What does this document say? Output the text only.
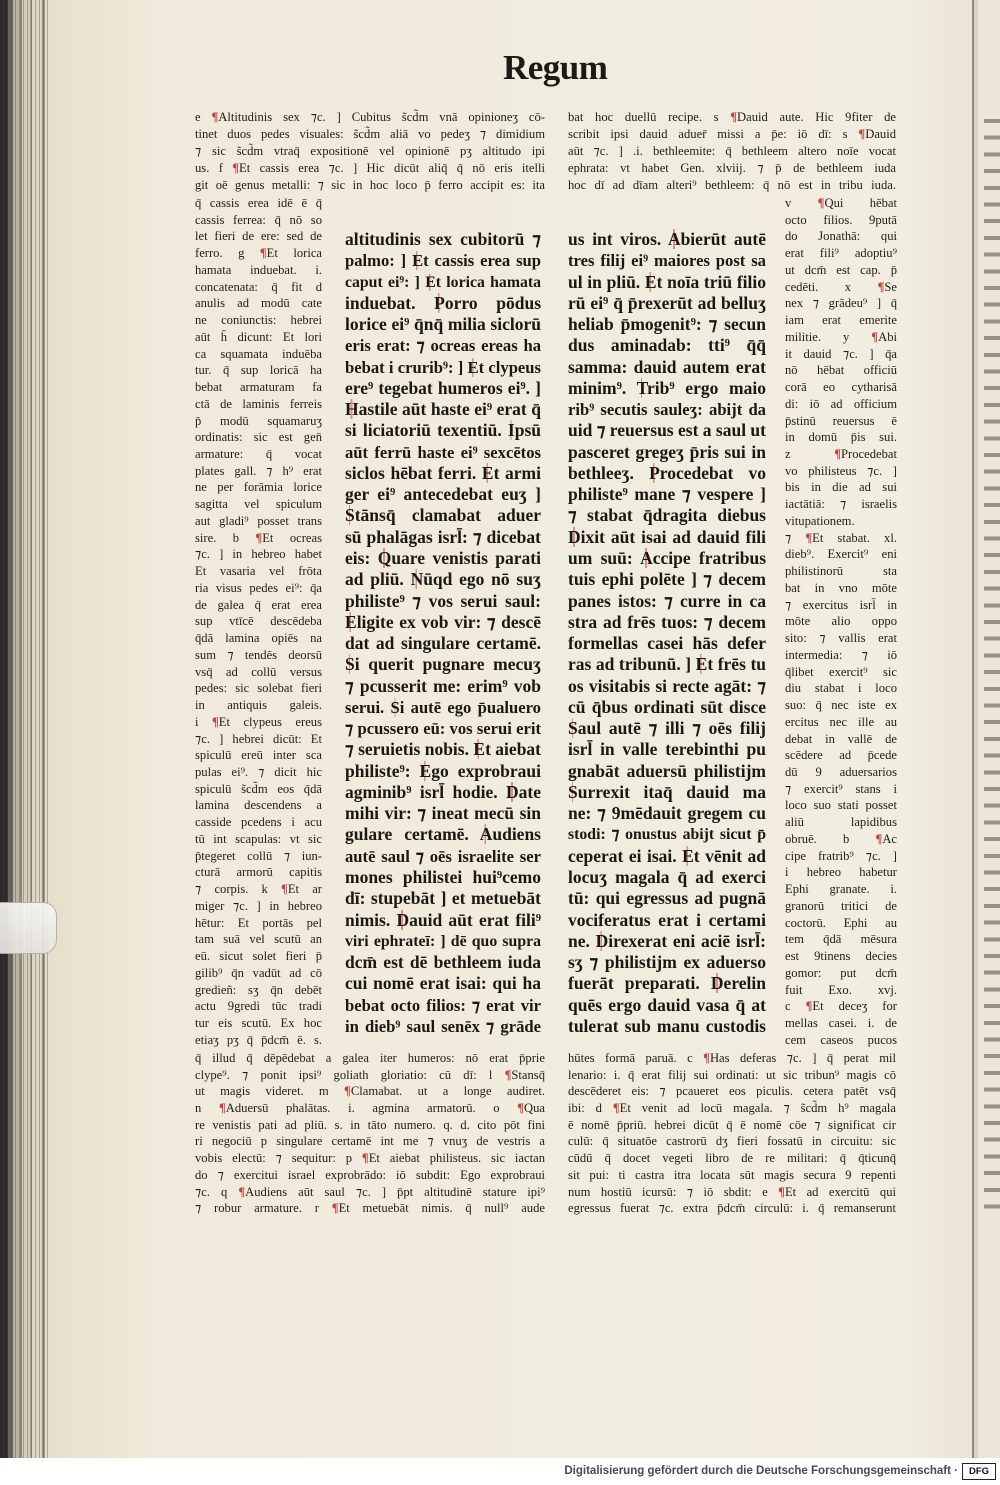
Regum
e ¶Altitudinis sex ⁊c. ] Cubitus s̃cd̃m vnā opinioneʒ cō-
tinet duos pedes visuales: s̃cd̃m aliā vo pedeʒ ⁊ dimidium
⁊ sic s̃cd̃m vtraq̄ expositionē vel opinionē pʒ altitudo ipi
us. f ¶Et cassis erea ⁊c. ] Hic dicūt aliq̄ q̄ nō eris itelli
git oē genus metalli: ⁊ sic in hoc loco p̄ ferro accipit es: ita
bat hoc duellū recipe. s ¶Dauid aute. Hic 9fiter de
scribit ipsi dauid aduer̄ missi a p̄e: iō dī: s ¶Dauid
aūt ⁊c. ] .i. bethleemite: q̄ bethleem altero noīe vocat
ephrata: vt habet Gen. xlviij. ⁊ p̄ de bethleem iuda
hoc dī ad dīam alteri⁹ bethleem: q̄ nō est in tribu iuda.
q̄ cassis erea idē ē q̄
cassis ferrea: q̄ nō so
let fieri de ere: sed de
ferro. g ¶Et lorica
hamata induebat. i.
concatenata: q̄ fit d
anulis ad modū cate
ne coniunctis: hebrei
aūt h̄ dicunt: Et lori
ca squamata induēba
tur. q̄ sup loricā ha
bebat armaturam fa
ctā de laminis ferreis
p̄ modū squamaruʒ
ordinatis: sic est gen̄
armature: q̄ vocat
plates gall. ⁊ h⁹ erat
ne per forāmia lorice
sagitta vel spiculum
aut gladi⁹ posset trans
sire. b ¶Et ocreas
⁊c. ] in hebreo habet
Et vasaria vel frōta
ria visus pedes ei⁹: q̄a
de galea q̄ erat erea
sup vtīcē descēdeba
q̄dā lamina opiēs na
sum ⁊ tendēs deorsū
vsq̄ ad collū versus
pedes: sic solebat fieri
in antiquis galeis.
i ¶Et clypeus ereus
⁊c. ] hebrei dicūt: Et
spiculū ereū inter sca
pulas ei⁹. ⁊ dicit hic
spiculū s̃cd̃m eos q̄dā
lamina descendens a
casside pcedens i acu
tū int scapulas: vt sic
p̄tegeret collū ⁊ iun-
cturā armorū capitis
⁊ corpis. k ¶Et ar
miger ⁊c. ] in hebreo
hētur: Et portās pel
tam suā vel scutū an
eū. sicut solet fieri p̄
gilib⁹ q̄n vadūt ad cō
gredieñ: sʒ q̄n debēt
actu 9gredi tūc tradi
tur eis scutū. Ex hoc
etiaʒ pʒ q̄ p̄dcm̄ ē. s.
altitudinis sex cubitorū ⁊
palmo: ] Et cassis erea sup
caput ei⁹: ] Et lorica hamata
induebat. Porro pōdus
lorice ei⁹ q̄nq̄ milia siclorū
eris erat: ⁊ ocreas ereas ha
bebat i crurib⁹: ] Et clypeus
ere⁹ tegebat humeros ei⁹. ]
Hastile aūt haste ei⁹ erat q̄
si liciatoriū texentiū. Ipsū
aūt ferrū haste ei⁹ sexcētos
siclos hēbat ferri. Et armi
ger ei⁹ antecedebat euʒ ]
Stānsq̄ clamabat aduer
sū phalāgas isrl̄: ⁊ dicebat
eis: Quare venistis parati
ad pliū. Nūqd ego nō suʒ
philiste⁹ ⁊ vos serui saul:
Eligite ex vob vir: ⁊ descē
dat ad singulare certamē.
Si querit pugnare mecuʒ
⁊ pcusserit me: erim⁹ vob
serui. Si autē ego p̄ualuero
⁊ pcussero eū: vos serui erit
⁊ seruietis nobis. Et aiebat
philiste⁹: Ego exprobraui
agminib⁹ isrl̄ hodie. Date
mihi vir: ⁊ ineat mecū sin
gulare certamē. Audiens
autē saul ⁊ oēs israelite ser
mones philistei hui⁹cemo
dī: stupebāt ] et metuebāt
nimis. Dauid aūt erat fili⁹
viri ephrateī: ] dē quo supra
dcm̄ est dē bethleem iuda
cui nomē erat isai: qui ha
bebat octo filios: ⁊ erat vir
in dieb⁹ saul senēx ⁊ grāde
us int viros. Abierūt autē
tres filij ei⁹ maiores post sa
ul in pliū. Et noīa triū filio
rū ei⁹ q̄ p̄rexerūt ad belluʒ
heliab p̄mogenit⁹: ⁊ secun
dus aminadab: tti⁹ q̄q̄
samma: dauid autem erat
minim⁹. Trib⁹ ergo maio
rib⁹ secutis sauleʒ: abijt da
uid ⁊ reuersus est a saul ut
pasceret gregeʒ p̄ris sui in
bethleeʒ. Procedebat vo
philiste⁹ mane ⁊ vespere ]
⁊ stabat q̄dragita diebus
Dixit aūt isai ad dauid fili
um suū: Accipe fratribus
tuis ephi polēte ] ⁊ decem
panes istos: ⁊ curre in ca
stra ad frēs tuos: ⁊ decem
formellas casei hās defer
ras ad tribunū. ] Et frēs tu
os visitabis si recte agāt: ⁊
cū q̄bus ordinati sūt disce
Saul autē ⁊ illi ⁊ oēs filij
isrl̄ in valle terebinthi pu
gnabāt aduersū philistijm
Surrexit itaq̄ dauid ma
ne: ⁊ 9mēdauit gregem cu
stodi: ⁊ onustus abijt sicut p̄
ceperat ei isai. Et vēnit ad
locuʒ magala q̄ ad exerci
tū: qui egressus ad pugnā
vociferatus erat i certami
ne. Direxerat eni aciē isrl̄:
sʒ ⁊ philistijm ex aduerso
fuerāt preparati. Derelin
quēs ergo dauid vasa q̄ at
tulerat sub manu custodis
v ¶Qui hēbat
octo filios. 9putā
do Jonathā: qui
erat fili⁹ adoptiu⁹
ut dcm̄ est cap. p̄
cedēti. x ¶Se
nex ⁊ grādeu⁹ ] q̄
iam erat emerite
militie. y ¶Abi
it dauid ⁊c. ] q̄a
nō hēbat officiū
corā eo cytharisā
di: iō ad officium
p̄stinū reuersus ē
in domū p̄is sui.
z ¶Procedebat
vo philisteus ⁊c. ]
bis in die ad sui
iactātiā: ⁊ israelis
vitupationem.
⁊ ¶Et stabat. xl.
dieb⁹. Exercit⁹ eni
philistinorū sta
bat in vno mōte
⁊ exercitus isrl̄ in
mōte alio oppo
sito: ⁊ vallis erat
intermedia: ⁊ iō
q̄libet exercit⁹ sic
diu stabat i loco
suo: q̄ nec iste ex
ercitus nec ille au
debat in vallē de
scēdere ad p̄cede
dū 9 aduersarios
⁊ exercit⁹ stans i
loco suo stati posset
aliū lapidibus
obruē. b ¶Ac
cipe fratrib⁹ ⁊c. ]
i hebreo habetur
Ephi granate. i.
granorū tritici de
coctorū. Ephi au
tem q̄dā mēsura
est 9tinens decies
gomor: put dcm̄
fuit Exo. xvj.
c ¶Et deceʒ for
mellas casei. i. de
cem caseos pucos
q̄ illud q̄ dēpēdebat a galea iter humeros: nō erat p̄prie
clype⁹. ⁊ ponit ipsi⁹ goliath gloriatio: cū dī: l ¶Stansq̄
ut magis videret. m ¶Clamabat. ut a longe audiret.
n ¶Aduersū phalātas. i. agmina armatorū. o ¶Qua
re venistis pati ad pliū. s. in tāto numero. q. d. cito pōt fini
ri negociū p singulare certamē int me ⁊ vnuʒ de vestris a
vobis electū: ⁊ sequitur: p ¶Et aiebat philisteus. sic iactan
do ⁊ exercitui israel exprobrādo: iō subdit: Ego exprobraui
⁊c. q ¶Audiens aūt saul ⁊c. ] p̄pt altitudinē stature ipi⁹
⁊ robur armature. r ¶Et metuebāt nimis. q̄ null⁹ aude
hūtes formā paruā. c ¶Has deferas ⁊c. ] q̄ perat mil
lenario: i. q̄ erat filij sui ordinati: ut sic tribun⁹ magis cō
descēderet eis: ⁊ pcaueret eos piculis. cetera patēt vsq̄
ibi: d ¶Et venit ad locū magala. ⁊ s̃cd̃m h⁹ magala
ē nomē p̄priū. hebrei dicūt q̄ ē nomē cōe ⁊ significat cir
culū: q̄ situatōe castrorū dʒ fieri fossatū in circuitu: sic
cūdū q̄ docet vegeti libro de re militari: q̄ q̄ticunq̄
sit pui: ti castra itra locata sūt magis secura 9 repenti
num hostiū icursū: ⁊ iō sbdit: e ¶Et ad exercitū qui
egressus fuerat ⁊c. extra p̄dcm̄ circulū: i. q̄ remanserunt
Digitalisierung gefördert durch die Deutsche Forschungsgemeinschaft ·	DFG
